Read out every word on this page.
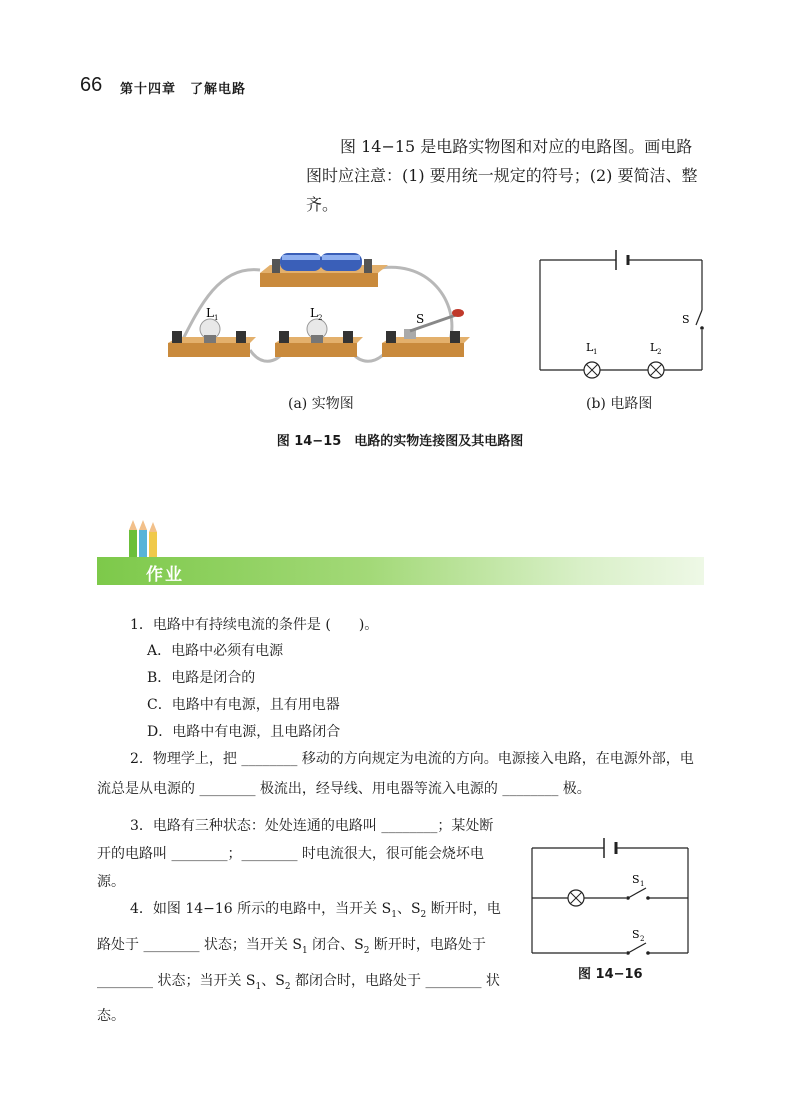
66 第十四章　了解电路
图 14−15 是电路实物图和对应的电路图。画电路图时应注意：(1) 要用统一规定的符号；(2) 要简洁、整齐。
L 1	L 2	S
L 1	L 2
S
(a) 实物图	(b) 电路图
图 14−15　电路的实物连接图及其电路图
作业
1．电路中有持续电流的条件是 (　　)。
A．电路中必须有电源
B．电路是闭合的
C．电路中有电源，且有用电器
D．电路中有电源，且电路闭合
2．物理学上，把 ________ 移动的方向规定为电流的方向。电源接入电路，在电源外部，电流总是从电源的 ________ 极流出，经导线、用电器等流入电源的 ________ 极。
3．电路有三种状态：处处连通的电路叫 ________；某处断开的电路叫 ________；________ 时电流很大，很可能会烧坏电源。
4．如图 14−16 所示的电路中，当开关 $S_1$、$S_2$ 断开时，电路处于 ________ 状态；当开关 $S_1$ 闭合、$S_2$ 断开时，电路处于 ________ 状态；当开关 $S_1$、$S_2$ 都闭合时，电路处于 ________ 状态。
S 1
S 2
图 14−16
